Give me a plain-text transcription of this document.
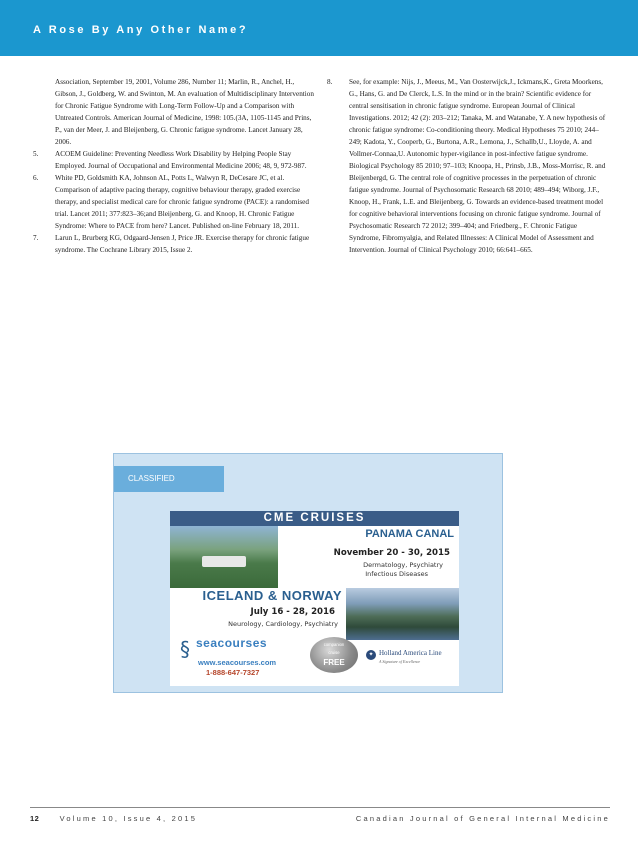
A Rose By Any Other Name?
Association, September 19, 2001, Volume 286, Number 11; Marlin, R., Anchel, H., Gibson, J., Goldberg, W. and Swinton, M. An evaluation of Multidisciplinary Intervention for Chronic Fatigue Syndrome with Long-Term Follow-Up and a Comparison with Untreated Controls. American Journal of Medicine, 1998: 105.(3A, 1105-1145 and Prins, P., van der Meer, J. and Bleijenberg, G. Chronic fatigue syndrome. Lancet January 28, 2006.
5.	ACOEM Guideline: Preventing Needless Work Disability by Helping People Stay Employed. Journal of Occupational and Environmental Medicine 2006; 48, 9, 972-987.
6.	White PD, Goldsmith KA, Johnson AL, Potts L, Walwyn R, DeCesare JC, et al. Comparison of adaptive pacing therapy, cognitive behaviour therapy, graded exercise therapy, and specialist medical care for chronic fatigue syndrome (PACE): a randomised trial. Lancet 2011; 377:823–36;and Bleijenberg, G. and Knoop, H. Chronic Fatigue Syndrome: Where to PACE from here? Lancet. Published on-line February 18, 2011.
7.	Larun L, Brurberg KG, Odgaard-Jensen J, Price JR. Exercise therapy for chronic fatigue syndrome. The Cochrane Library 2015, Issue 2.
8.	See, for example: Nijs, J., Meeus, M., Van Oosterwijck,J., Ickmans,K., Greta Moorkens, G., Hans, G. and De Clerck, L.S. In the mind or in the brain? Scientific evidence for central sensitisation in chronic fatigue syndrome. European Journal of Clinical Investigations. 2012; 42 (2): 203–212; Tanaka, M. and Watanabe, Y. A new hypothesis of chronic fatigue syndrome: Co-conditioning theory. Medical Hypotheses 75 2010; 244–249; Kadota, Y., Cooperb, G., Burtona, A.R., Lemona, J., Schallb,U., Lloyde, A. and Vollmer-Connaa,U. Autonomic hyper-vigilance in post-infective fatigue syndrome. Biological Psychology 85 2010; 97–103; Knoopa, H., Prinsb, J.B., Moss-Morrisc, R. and Bleijenbergd, G. The central role of cognitive processes in the perpetuation of chronic fatigue syndrome. Journal of Psychosomatic Research 68 2010; 489–494; Wiborg, J.F., Knoop, H., Frank, L.E. and Bleijenberg, G. Towards an evidence-based treatment model for cognitive behavioral interventions focusing on chronic fatigue syndrome. Journal of Psychosomatic Research 72 2012; 399–404; and Friedberg., F. Chronic Fatigue Syndrome, Fibromyalgia, and Related Illnesses: A Clinical Model of Assessment and Intervention. Journal of Clinical Psychology 2010; 66:641–665.
CLASSIFIED
CME CRUISES
PANAMA CANAL
November 20 - 30, 2015
Dermatology, Psychiatry
Infectious Diseases
ICELAND & NORWAY
July 16 - 28, 2016
Neurology, Cardiology, Psychiatry
§ seacourses
www.seacourses.com
1-888-647-7327
companion
cruise
FREE
✦ Holland America Line
A Signature of Excellence
12	Volume 10, Issue 4, 2015	Canadian Journal of General Internal Medicine
